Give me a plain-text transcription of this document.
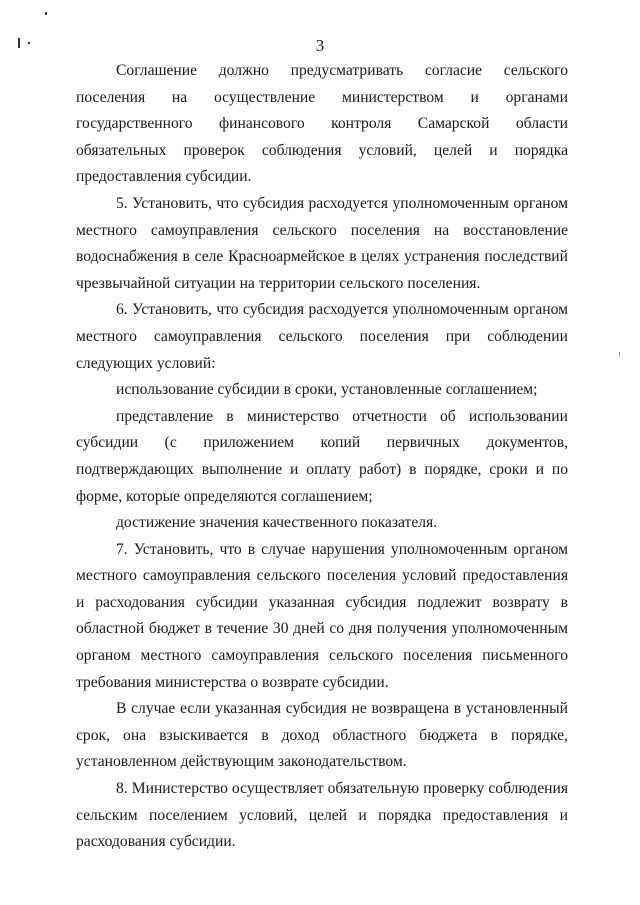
3

Соглашение должно предусматривать согласие сельского поселения на осуществление министерством и органами государственного финансового контроля Самарской области обязательных проверок соблюдения условий, целей и порядка предоставления субсидии.

5. Установить, что субсидия расходуется уполномоченным органом местного самоуправления сельского поселения на восстановление водоснабжения в селе Красноармейское в целях устранения последствий чрезвычайной ситуации на территории сельского поселения.

6. Установить, что субсидия расходуется уполномоченным органом местного самоуправления сельского поселения при соблюдении следующих условий:

использование субсидии в сроки, установленные соглашением;

представление в министерство отчетности об использовании субсидии (с приложением копий первичных документов, подтверждающих выполнение и оплату работ) в порядке, сроки и по форме, которые определяются соглашением;

достижение значения качественного показателя.

7. Установить, что в случае нарушения уполномоченным органом местного самоуправления сельского поселения условий предоставления и расходования субсидии указанная субсидия подлежит возврату в областной бюджет в течение 30 дней со дня получения уполномоченным органом местного самоуправления сельского поселения письменного требования министерства о возврате субсидии.

В случае если указанная субсидия не возвращена в установленный срок, она взыскивается в доход областного бюджета в порядке, установленном действующим законодательством.

8. Министерство осуществляет обязательную проверку соблюдения сельским поселением условий, целей и порядка предоставления и расходования субсидии.
